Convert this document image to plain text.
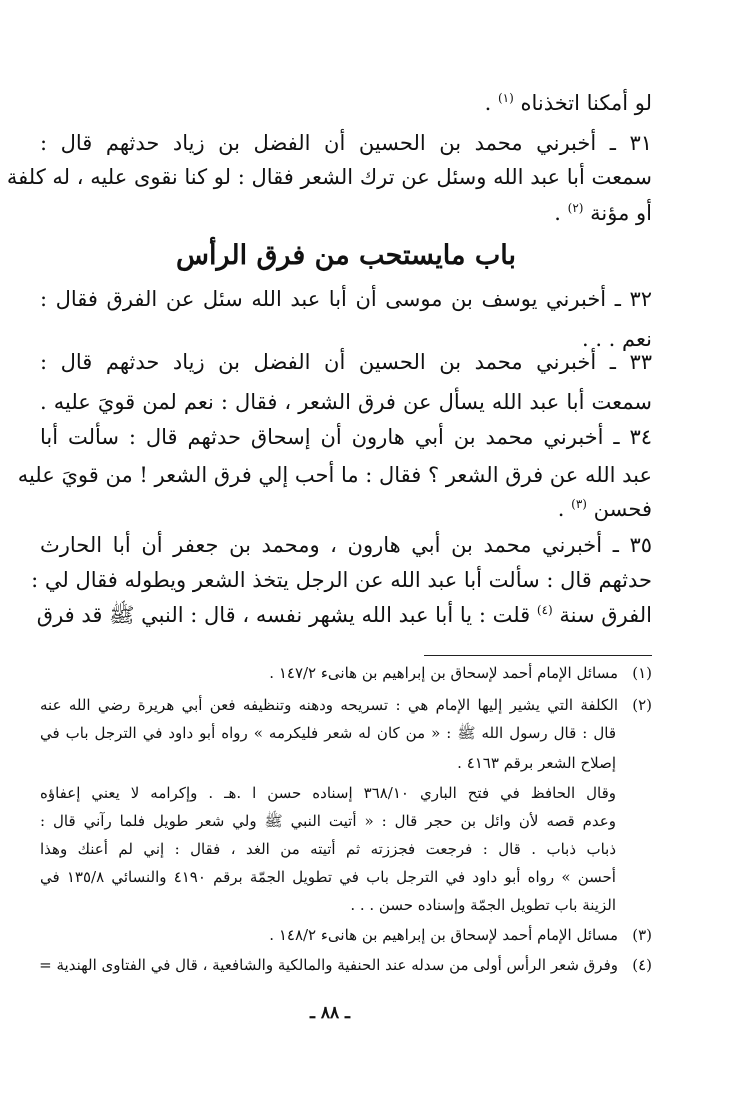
لو أمكنا اتخذناه $^{(١)}$ .
٣١ ـ أخبرني محمد بن الحسين أن الفضل بن زياد حدثهم قال :
سمعت أبا عبد الله وسئل عن ترك الشعر فقال : لو كنا نقوى عليه ، له كلفة
أو مؤنة $^{(٢)}$ .
باب مايستحب من فرق الرأس
٣٢ ـ أخبرني يوسف بن موسى أن أبا عبد الله سئل عن الفرق فقال :
نعم . . .
٣٣ ـ أخبرني محمد بن الحسين أن الفضل بن زياد حدثهم قال :
سمعت أبا عبد الله يسأل عن فرق الشعر ، فقال : نعم لمن قويَ عليه .
٣٤ ـ أخبرني محمد بن أبي هارون أن إسحاق حدثهم قال : سألت أبا
عبد الله عن فرق الشعر ؟ فقال : ما أحب إلي فرق الشعر ! من قويَ عليه
فحسن $^{(٣)}$ .
٣٥ ـ أخبرني محمد بن أبي هارون ، ومحمد بن جعفر أن أبا الحارث
حدثهم قال : سألت أبا عبد الله عن الرجل يتخذ الشعر ويطوله فقال لي :
الفرق سنة $^{(٤)}$ قلت : يا أبا عبد الله يشهر نفسه ، قال : النبي ﷺ قد فرق
(١)مسائل الإمام أحمد لإسحاق بن إبراهيم بن هانىء ١٤٧/٢ .
(٢)الكلفة التي يشير إليها الإمام هي : تسريحه ودهنه وتنظيفه فعن أبي هريرة رضي الله عنه
قال : قال رسول الله ﷺ : « من كان له شعر فليكرمه » رواه أبو داود في الترجل باب في
إصلاح الشعر برقم ٤١٦٣ .
وقال الحافظ في فتح الباري ٣٦٨/١٠ إسناده حسن ا .هـ . وإكرامه لا يعني إعفاؤه
وعدم قصه لأن وائل بن حجر قال : « أتيت النبي ﷺ ولي شعر طويل فلما رآني قال :
ذباب ذباب . قال : فرجعت فجززته ثم أتيته من الغد ، فقال : إني لم أعنك وهذا
أحسن » رواه أبو داود في الترجل باب في تطويل الجمّة برقم ٤١٩٠ والنسائي ١٣٥/٨ في
الزينة باب تطويل الجمّة وإسناده حسن . . .
(٣)مسائل الإمام أحمد لإسحاق بن إبراهيم بن هانىء ١٤٨/٢ .
(٤)وفرق شعر الرأس أولى من سدله عند الحنفية والمالكية والشافعية ، قال في الفتاوى الهندية =
ـ ٨٨ ـ
